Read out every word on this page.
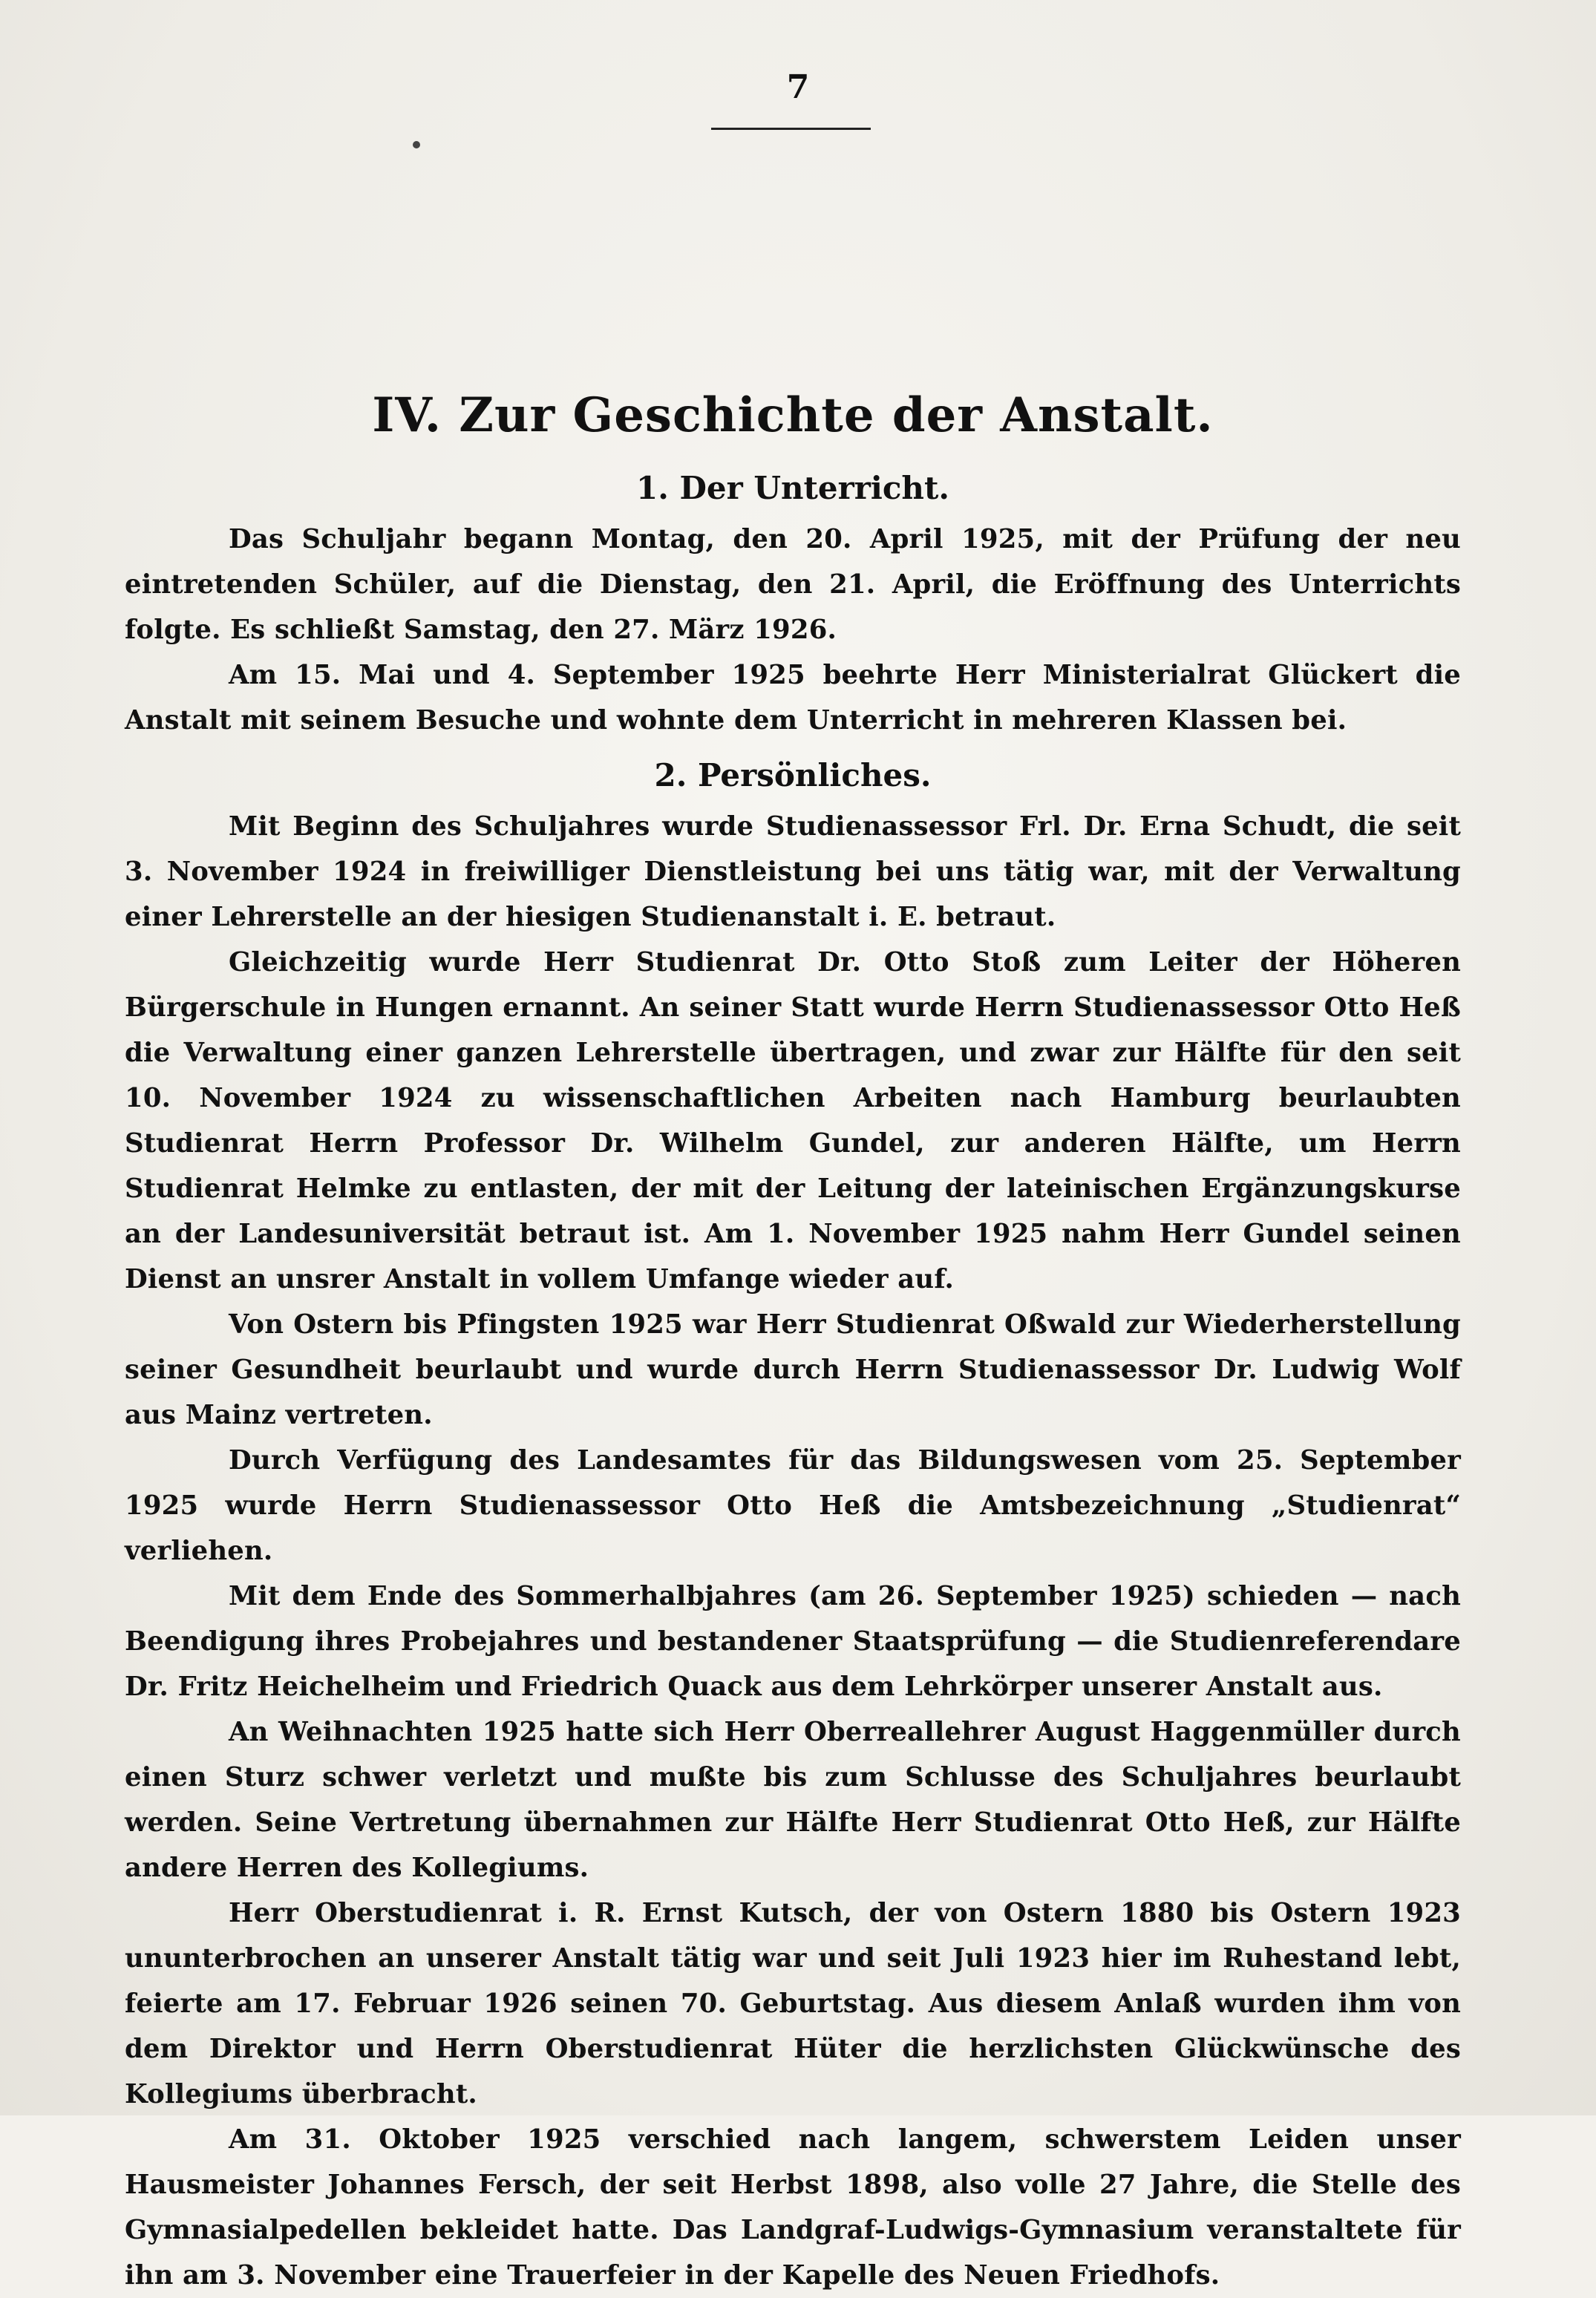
7
IV. Zur Geschichte der Anstalt.
1. Der Unterricht.

Das Schuljahr begann Montag, den 20. April 1925, mit der Prüfung der neu eintretenden Schüler, auf die Dienstag, den 21. April, die Eröffnung des Unterrichts folgte. Es schließt Samstag, den 27. März 1926.

Am 15. Mai und 4. September 1925 beehrte Herr Ministerialrat Glückert die Anstalt mit seinem Besuche und wohnte dem Unterricht in mehreren Klassen bei.

2. Persönliches.

Mit Beginn des Schuljahres wurde Studienassessor Frl. Dr. Erna Schudt, die seit 3. November 1924 in freiwilliger Dienstleistung bei uns tätig war, mit der Verwaltung einer Lehrerstelle an der hiesigen Studienanstalt i. E. betraut.

Gleichzeitig wurde Herr Studienrat Dr. Otto Stoß zum Leiter der Höheren Bürgerschule in Hungen ernannt. An seiner Statt wurde Herrn Studienassessor Otto Heß die Verwaltung einer ganzen Lehrerstelle übertragen, und zwar zur Hälfte für den seit 10. November 1924 zu wissenschaftlichen Arbeiten nach Hamburg beurlaubten Studienrat Herrn Professor Dr. Wilhelm Gundel, zur anderen Hälfte, um Herrn Studienrat Helmke zu entlasten, der mit der Leitung der lateinischen Ergänzungskurse an der Landesuniversität betraut ist. Am 1. November 1925 nahm Herr Gundel seinen Dienst an unsrer Anstalt in vollem Umfange wieder auf.

Von Ostern bis Pfingsten 1925 war Herr Studienrat Oßwald zur Wiederherstellung seiner Gesundheit beurlaubt und wurde durch Herrn Studienassessor Dr. Ludwig Wolf aus Mainz vertreten.

Durch Verfügung des Landesamtes für das Bildungswesen vom 25. September 1925 wurde Herrn Studienassessor Otto Heß die Amtsbezeichnung „Studienrat“ verliehen.

Mit dem Ende des Sommerhalbjahres (am 26. September 1925) schieden — nach Beendigung ihres Probejahres und bestandener Staatsprüfung — die Studienreferendare Dr. Fritz Heichelheim und Friedrich Quack aus dem Lehrkörper unserer Anstalt aus.

An Weihnachten 1925 hatte sich Herr Oberreallehrer August Haggenmüller durch einen Sturz schwer verletzt und mußte bis zum Schlusse des Schuljahres beurlaubt werden. Seine Vertretung übernahmen zur Hälfte Herr Studienrat Otto Heß, zur Hälfte andere Herren des Kollegiums.

Herr Oberstudienrat i. R. Ernst Kutsch, der von Ostern 1880 bis Ostern 1923 ununterbrochen an unserer Anstalt tätig war und seit Juli 1923 hier im Ruhestand lebt, feierte am 17. Februar 1926 seinen 70. Geburtstag. Aus diesem Anlaß wurden ihm von dem Direktor und Herrn Oberstudienrat Hüter die herzlichsten Glückwünsche des Kollegiums überbracht.

Am 31. Oktober 1925 verschied nach langem, schwerstem Leiden unser Hausmeister Johannes Fersch, der seit Herbst 1898, also volle 27 Jahre, die Stelle des Gymnasialpedellen bekleidet hatte. Das Landgraf-Ludwigs-Gymnasium veranstaltete für ihn am 3. November eine Trauerfeier in der Kapelle des Neuen Friedhofs.
